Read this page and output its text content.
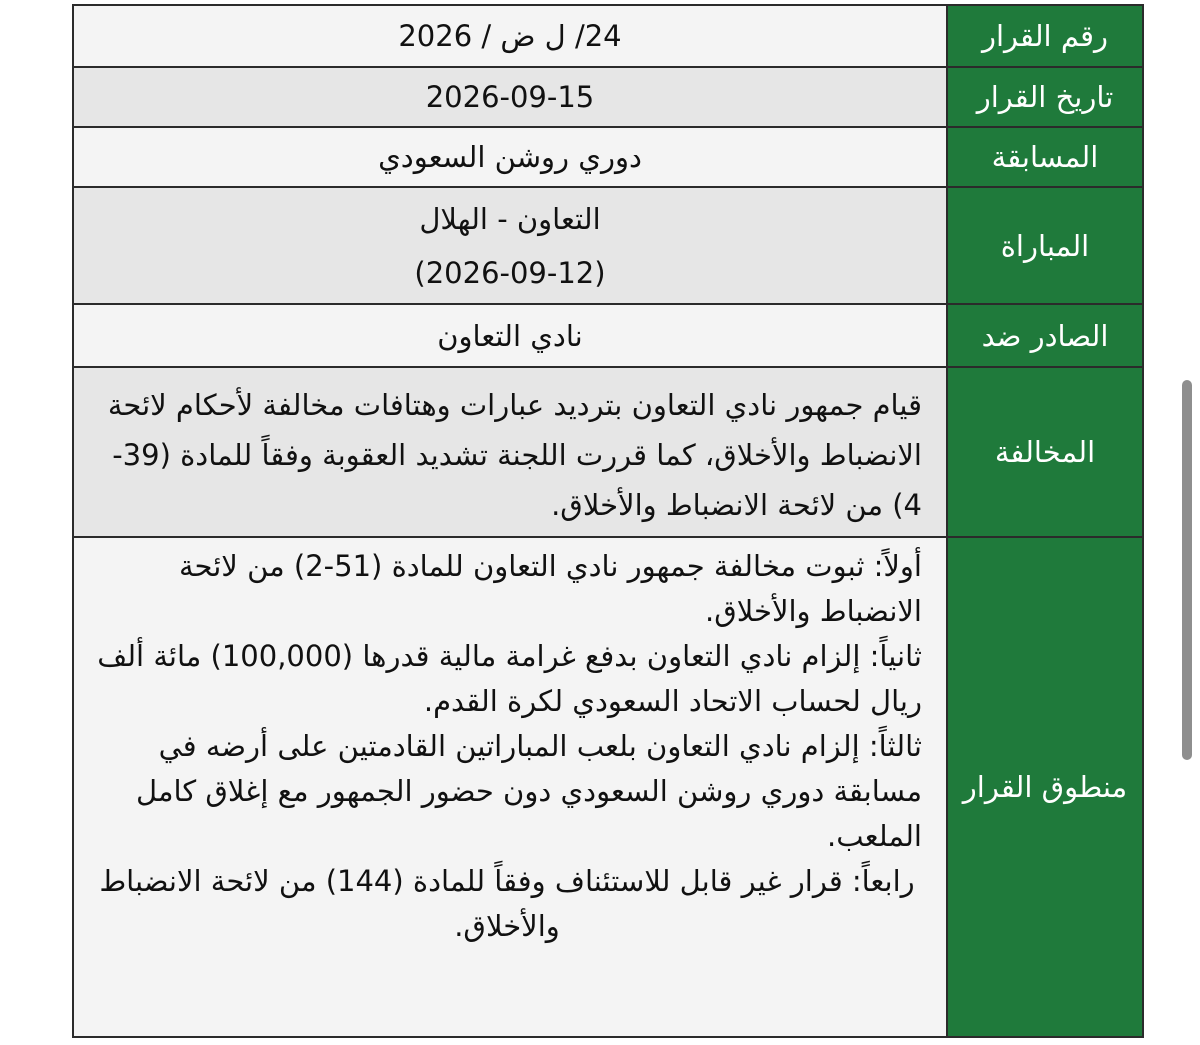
رقم القرار	24/ ل ض / 2026

تاريخ القرار	2026-09-15

المسابقة	دوري روشن السعودي

المباراة	التعاون - الهلال
(2026-09-12)

الصادر ضد	نادي التعاون

المخالفة	قيام جمهور نادي التعاون بترديد عبارات وهتافات مخالفة لأحكام لائحة الانضباط والأخلاق، كما قررت اللجنة تشديد العقوبة وفقاً للمادة (39-4) من لائحة الانضباط والأخلاق.

منطوق القرار	أولاً: ثبوت مخالفة جمهور نادي التعاون للمادة (51-2) من لائحة الانضباط والأخلاق.
ثانياً: إلزام نادي التعاون بدفع غرامة مالية قدرها (100,000) مائة ألف ريال لحساب الاتحاد السعودي لكرة القدم.
ثالثاً: إلزام نادي التعاون بلعب المباراتين القادمتين على أرضه في مسابقة دوري روشن السعودي دون حضور الجمهور مع إغلاق كامل الملعب.
رابعاً: قرار غير قابل للاستئناف وفقاً للمادة (144) من لائحة الانضباط والأخلاق.
